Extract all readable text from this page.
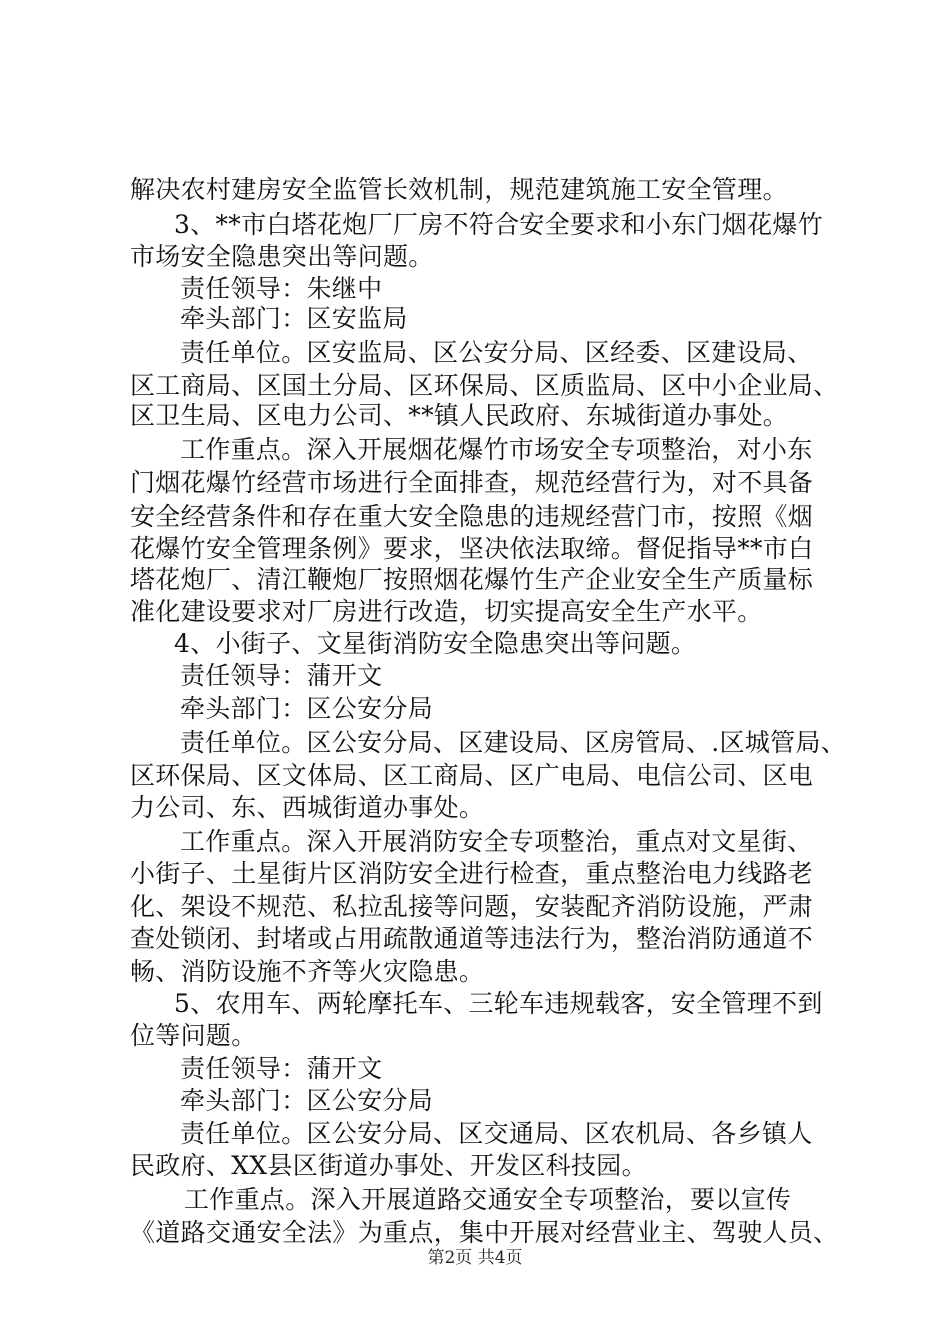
解决农村建房安全监管长效机制，规范建筑施工安全管理。
3、**市白塔花炮厂厂房不符合安全要求和小东门烟花爆竹
市场安全隐患突出等问题。
责任领导：朱继中
牵头部门：区安监局
责任单位。区安监局、区公安分局、区经委、区建设局、
区工商局、区国土分局、区环保局、区质监局、区中小企业局、
区卫生局、区电力公司、**镇人民政府、东城街道办事处。
工作重点。深入开展烟花爆竹市场安全专项整治，对小东
门烟花爆竹经营市场进行全面排查，规范经营行为，对不具备
安全经营条件和存在重大安全隐患的违规经营门市，按照《烟
花爆竹安全管理条例》要求，坚决依法取缔。督促指导**市白
塔花炮厂、清江鞭炮厂按照烟花爆竹生产企业安全生产质量标
准化建设要求对厂房进行改造，切实提高安全生产水平。
4、小街子、文星街消防安全隐患突出等问题。
责任领导：蒲开文
牵头部门：区公安分局
责任单位。区公安分局、区建设局、区房管局、.区城管局、
区环保局、区文体局、区工商局、区广电局、电信公司、区电
力公司、东、西城街道办事处。
工作重点。深入开展消防安全专项整治，重点对文星街、
小街子、土星街片区消防安全进行检查，重点整治电力线路老
化、架设不规范、私拉乱接等问题，安装配齐消防设施，严肃
查处锁闭、封堵或占用疏散通道等违法行为，整治消防通道不
畅、消防设施不齐等火灾隐患。
5、农用车、两轮摩托车、三轮车违规载客，安全管理不到
位等问题。
责任领导：蒲开文
牵头部门：区公安分局
责任单位。区公安分局、区交通局、区农机局、各乡镇人
民政府、XX县区街道办事处、开发区科技园。
工作重点。深入开展道路交通安全专项整治，要以宣传
《道路交通安全法》为重点，集中开展对经营业主、驾驶人员、
第2页 共4页
